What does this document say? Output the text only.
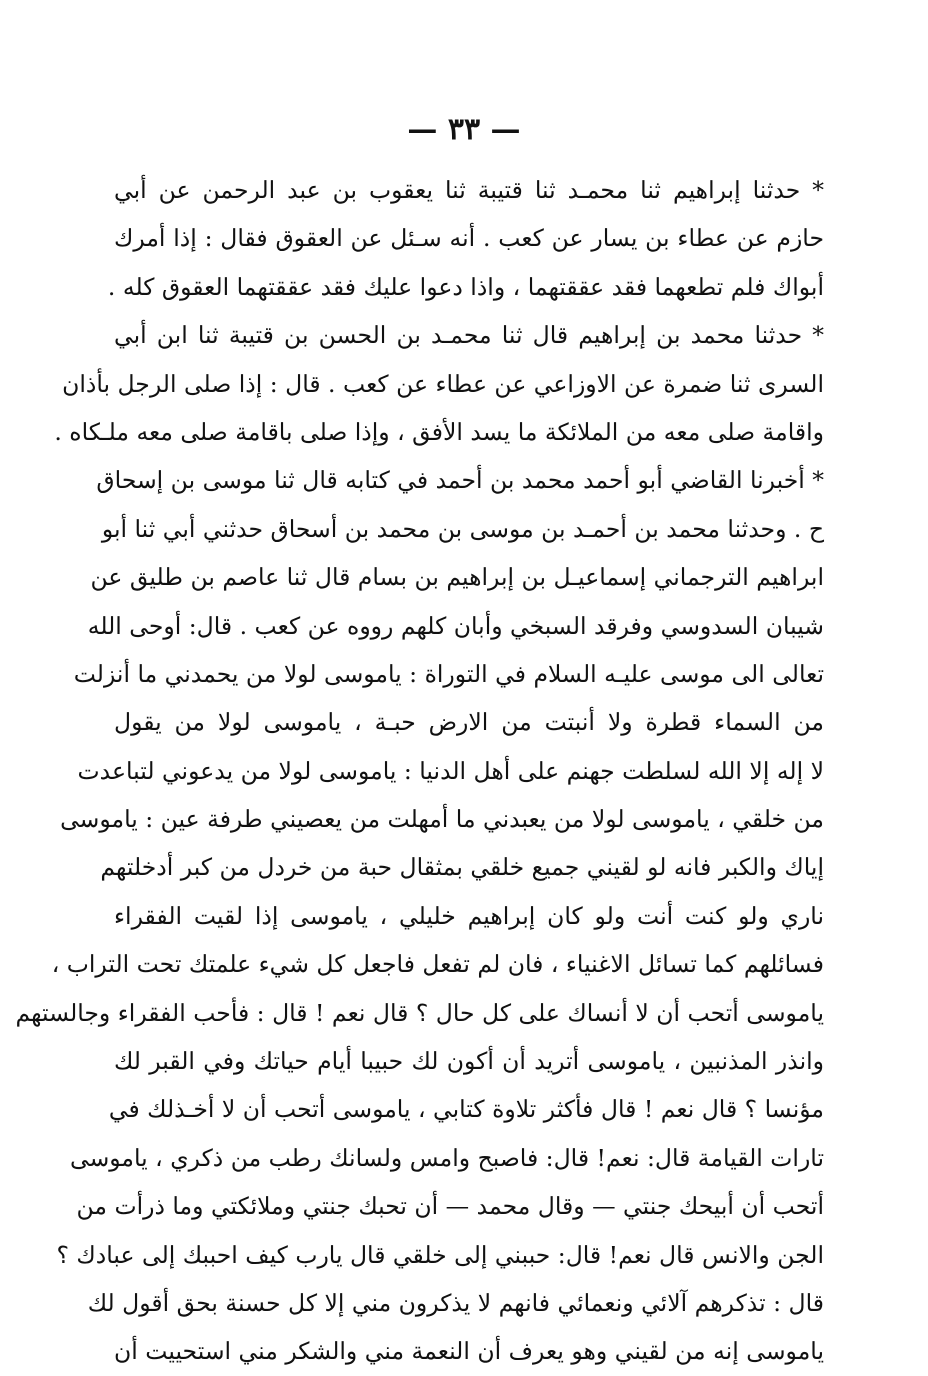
— ٣٣ —
* حدثنا إبراهيم ثنا محمـد ثنا قتيبة ثنا يعقوب بن عبد الرحمن عن أبي
حازم عن عطاء بن يسار عن كعب . أنه سـئل عن العقوق فقال : إذا أمرك
أبواك فلم تطعهما فقد عققتهما ، واذا دعوا عليك فقد عققتهما العقوق كله .
* حدثنا محمد بن إبراهيم قال ثنا محمـد بن الحسن بن قتيبة ثنا ابن أبي
السرى ثنا ضمرة عن الاوزاعي عن عطاء عن كعب . قال : إذا صلى الرجل بأذان
واقامة صلى معه من الملائكة ما يسد الأفق ، وإذا صلى باقامة صلى معه ملـكاه .
* أخبرنا القاضي أبو أحمد محمد بن أحمد في كتابه قال ثنا موسى بن إسحاق
ح . وحدثنا محمد بن أحمـد بن موسى بن محمد بن أسحاق حدثني أبي ثنا أبو
ابراهيم الترجماني إسماعيـل بن إبراهيم بن بسام قال ثنا عاصم بن طليق عن
شيبان السدوسي وفرقد السبخي وأبان كلهم رووه عن كعب . قال: أوحى الله
تعالى الى موسى عليـه السلام في التوراة : ياموسى لولا من يحمدني ما أنزلت
من السماء قطرة ولا أنبتت من الارض حبـة ، ياموسى لولا من يقول
لا إله إلا الله لسلطت جهنم على أهل الدنيا : ياموسى لولا من يدعوني لتباعدت
من خلقي ، ياموسى لولا من يعبدني ما أمهلت من يعصيني طرفة عين : ياموسى
إياك والكبر فانه لو لقيني جميع خلقي بمثقال حبة من خردل من كبر أدخلتهم
ناري ولو كنت أنت ولو كان إبراهيم خليلي ، ياموسى إذا لقيت الفقراء
فسائلهم كما تسائل الاغنياء ، فان لم تفعل فاجعل كل شيء علمتك تحت التراب ،
ياموسى أتحب أن لا أنساك على كل حال ؟ قال نعم ! قال : فأحب الفقراء وجالستهم
وانذر المذنبين ، ياموسى أتريد أن أكون لك حبيبا أيام حياتك وفي القبر لك
مؤنسا ؟ قال نعم ! قال فأكثر تلاوة كتابي ، ياموسى أتحب أن لا أخـذلك في
تارات القيامة قال: نعم! قال: فاصبح وامس ولسانك رطب من ذكري ، ياموسى
أتحب أن أبيحك جنتي — وقال محمد — أن تحبك جنتي وملائكتي وما ذرأت من
الجن والانس قال نعم! قال: حببني إلى خلقي قال يارب كيف احببك إلى عبادك ؟
قال : تذكرهم آلائي ونعمائي فانهم لا يذكرون مني إلا كل حسنة بحق أقول لك
ياموسى إنه من لقيني وهو يعرف أن النعمة مني والشكر مني استحييت أن
